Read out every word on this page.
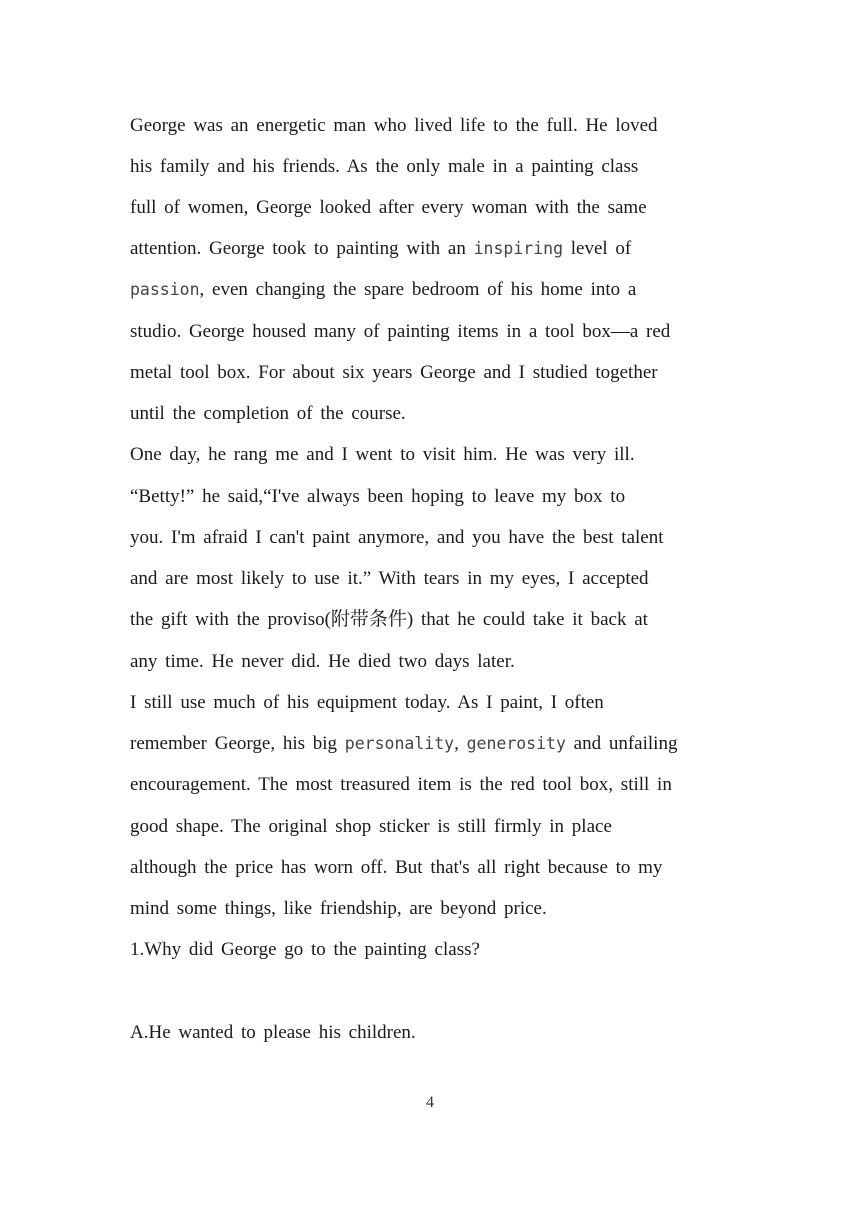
George was an energetic man who lived life to the full. He loved
his family and his friends. As the only male in a painting class
full of women, George looked after every woman with the same
attention. George took to painting with an inspiring level of
passion, even changing the spare bedroom of his home into a
studio. George housed many of painting items in a tool box—a red
metal tool box. For about six years George and I studied together
until the completion of the course.
One day, he rang me and I went to visit him. He was very ill.
“Betty!” he said,“I've always been hoping to leave my box to
you. I'm afraid I can't paint anymore, and you have the best talent
and are most likely to use it.” With tears in my eyes, I accepted
the gift with the proviso(附带条件) that he could take it back at
any time. He never did. He died two days later.
I still use much of his equipment today. As I paint, I often
remember George, his big personality, generosity and unfailing
encouragement. The most treasured item is the red tool box, still in
good shape. The original shop sticker is still firmly in place
although the price has worn off. But that's all right because to my
mind some things, like friendship, are beyond price.
1.Why did George go to the painting class?
A.He wanted to please his children.
4
